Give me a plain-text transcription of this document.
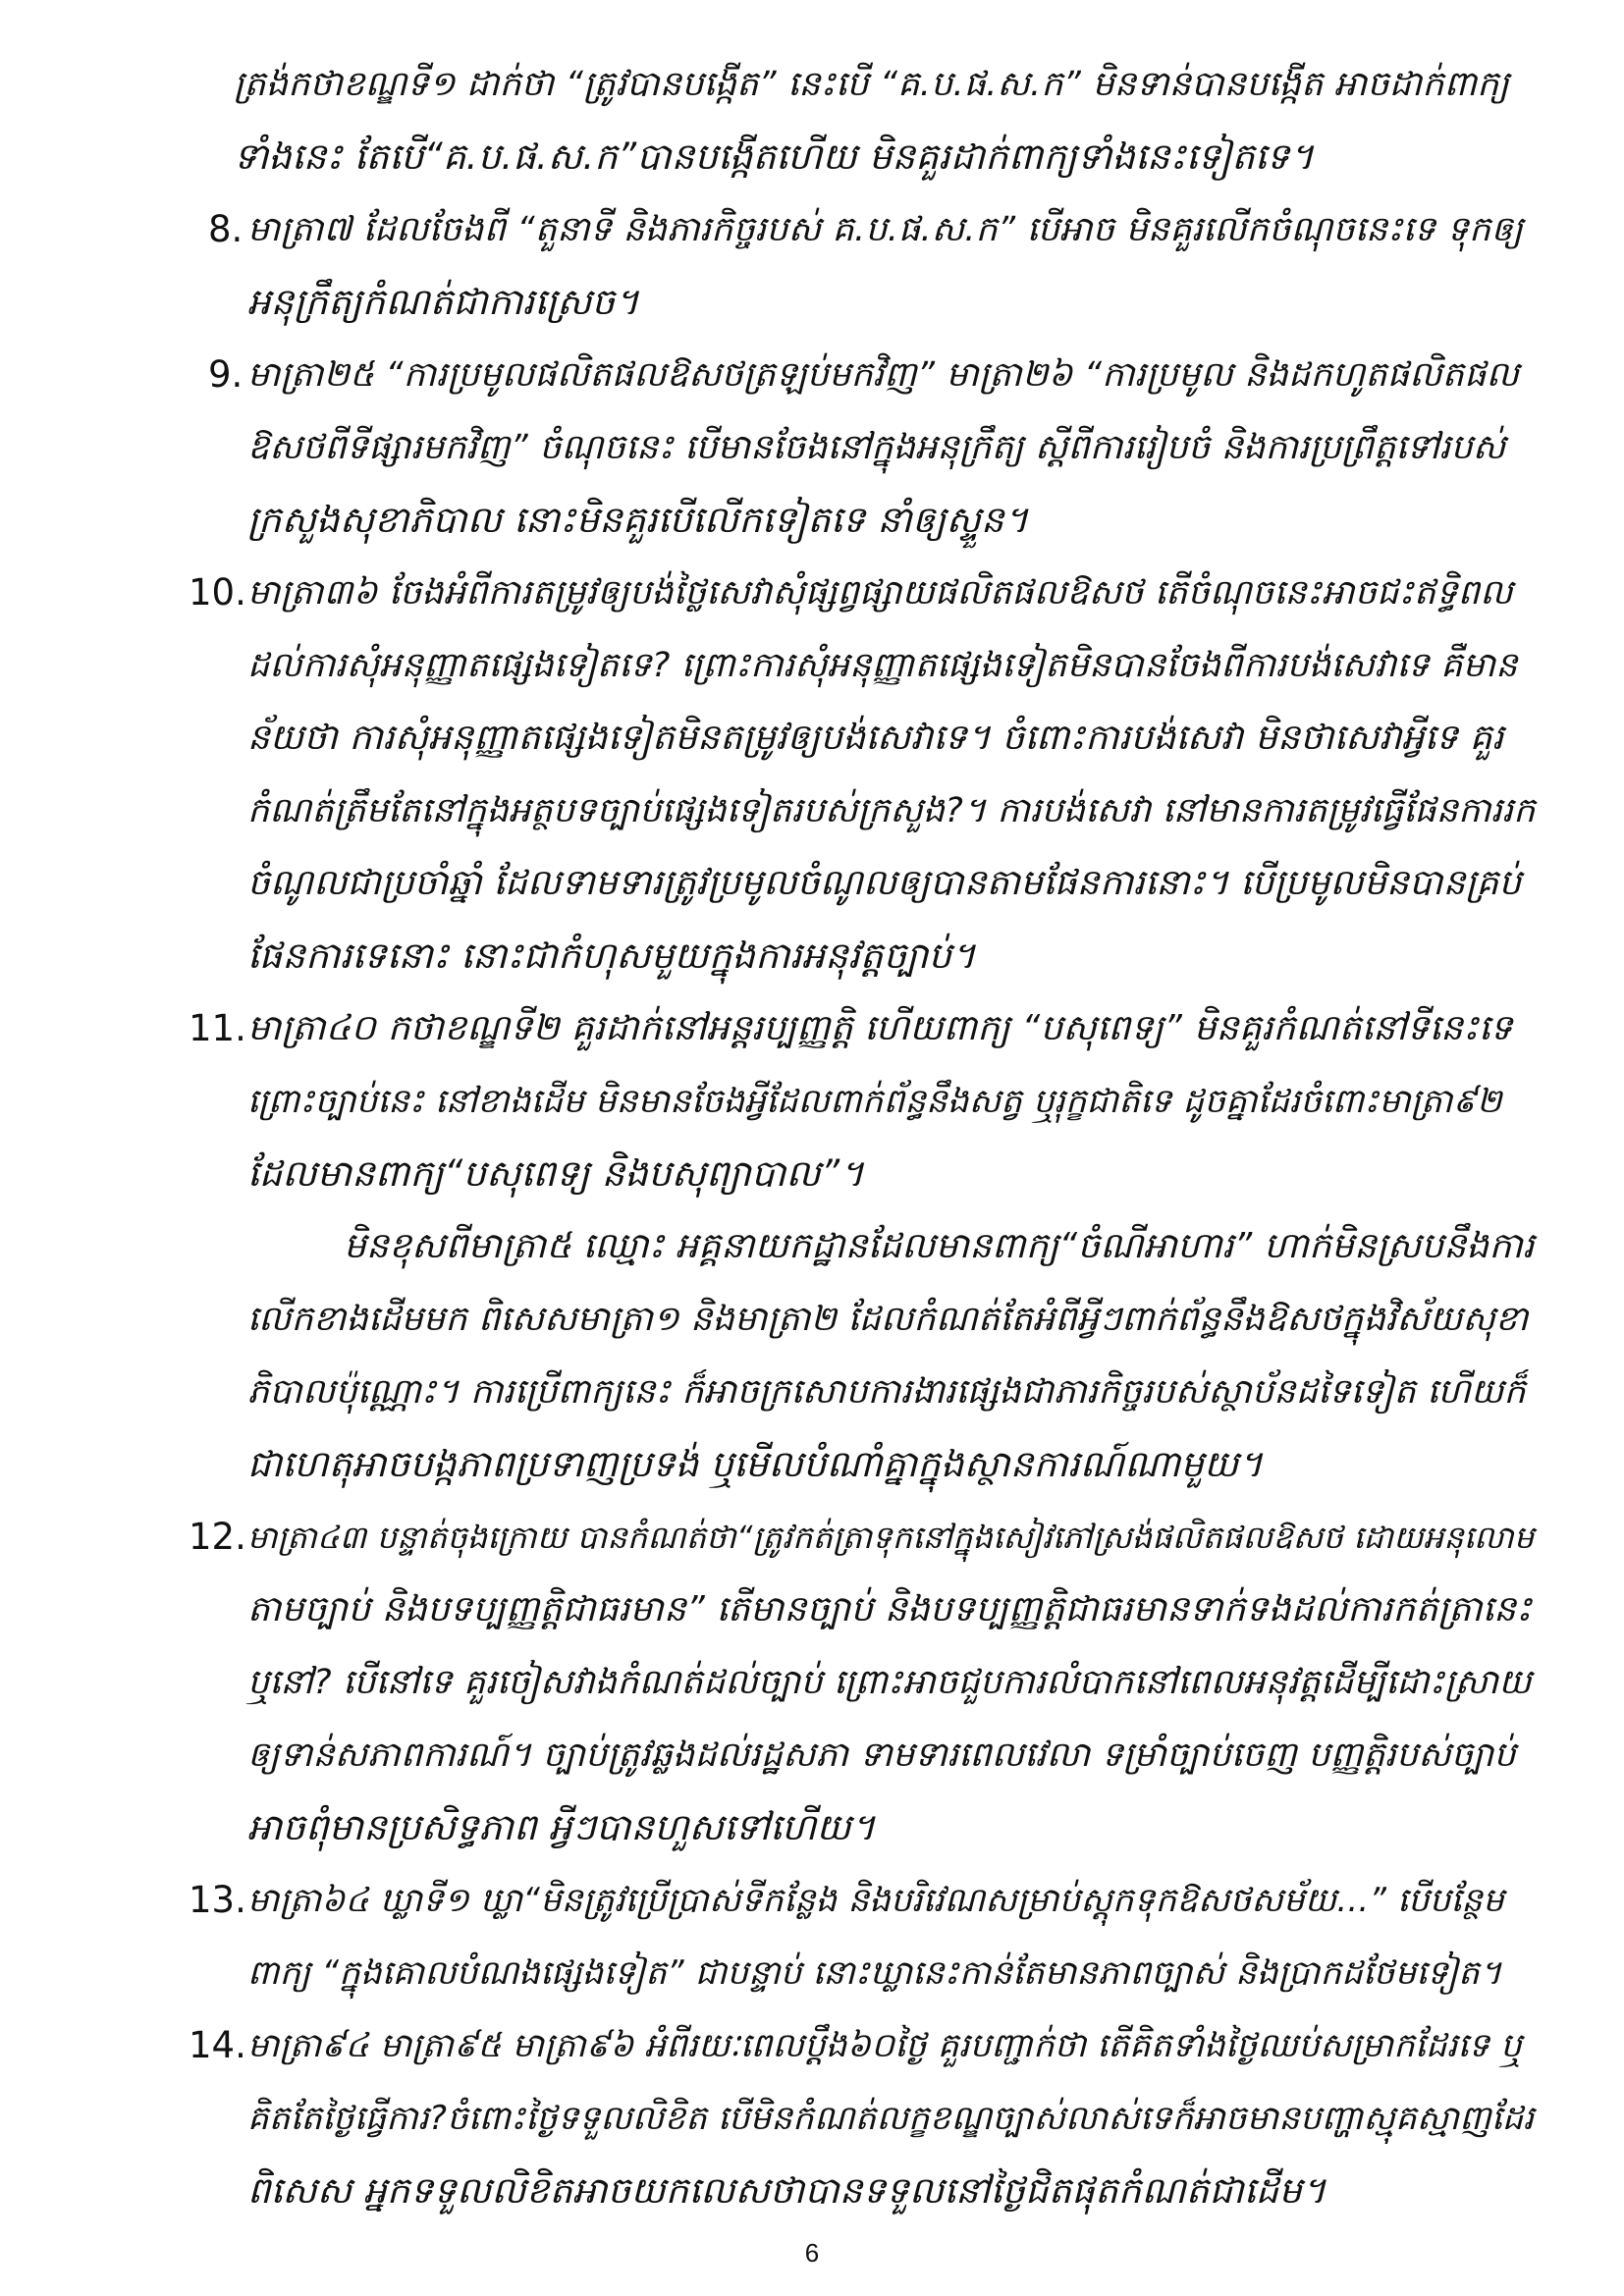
6
ត្រង់កថាខណ្ឌទី១ ដាក់ថា “ត្រូវបានបង្កើត” នេះបើ “គ.ប.ផ.ស.ក” មិនទាន់បានបង្កើត អាចដាក់ពាក្យ
ទាំងនេះ តែបើ“គ.ប.ផ.ស.ក”បានបង្កើតហើយ មិនគួរដាក់ពាក្យទាំងនេះទៀតទេ។
8. មាត្រា៧ ដែលចែងពី “តួនាទី និងភារកិច្ចរបស់ គ.ប.ផ.ស.ក” បើអាច មិនគួរលើកចំណុចនេះទេ ទុកឲ្យ
អនុក្រឹត្យកំណត់ជាការស្រេច។
9. មាត្រា២៥ “ការប្រមូលផលិតផលឱសថត្រឡប់មកវិញ” មាត្រា២៦ “ការប្រមូល និងដកហូតផលិតផល
ឱសថពីទីផ្សារមកវិញ” ចំណុចនេះ បើមានចែងនៅក្នុងអនុក្រឹត្យ ស្ដីពីការរៀបចំ និងការប្រព្រឹត្តទៅរបស់
ក្រសួងសុខាភិបាល នោះមិនគួរបើលើកទៀតទេ នាំឲ្យស្ទួន។
10. មាត្រា៣៦ ចែងអំពីការតម្រូវឲ្យបង់ថ្លៃសេវាសុំផ្សព្វផ្សាយផលិតផលឱសថ តើចំណុចនេះអាចជះឥទ្ធិពល
ដល់ការសុំអនុញ្ញាតផ្សេងទៀតទេ? ព្រោះការសុំអនុញ្ញាតផ្សេងទៀតមិនបានចែងពីការបង់សេវាទេ គឺមាន
ន័យថា ការសុំអនុញ្ញាតផ្សេងទៀតមិនតម្រូវឲ្យបង់សេវាទេ។ ចំពោះការបង់សេវា មិនថាសេវាអ្វីទេ គួរ
កំណត់ត្រឹមតែនៅក្នុងអត្ថបទច្បាប់ផ្សេងទៀតរបស់ក្រសួង?។ ការបង់សេវា នៅមានការតម្រូវធ្វើផែនការរក
ចំណូលជាប្រចាំឆ្នាំ ដែលទាមទារត្រូវប្រមូលចំណូលឲ្យបានតាមផែនការនោះ។ បើប្រមូលមិនបានគ្រប់
ផែនការទេនោះ នោះជាកំហុសមួយក្នុងការអនុវត្តច្បាប់។
11. មាត្រា៤០ កថាខណ្ឌទី២ គួរដាក់នៅអន្តរប្បញ្ញត្តិ ហើយពាក្យ “បសុពេទ្យ” មិនគួរកំណត់នៅទីនេះទេ
ព្រោះច្បាប់នេះ នៅខាងដើម មិនមានចែងអ្វីដែលពាក់ព័ន្ធនឹងសត្វ ឬរុក្ខជាតិទេ ដូចគ្នាដែរចំពោះមាត្រា៩២
ដែលមានពាក្យ“បសុពេទ្យ និងបសុព្យាបាល”។
មិនខុសពីមាត្រា៥ ឈ្មោះ អគ្គនាយកដ្ឋានដែលមានពាក្យ“ចំណីអាហារ” ហាក់មិនស្របនឹងការ
លើកខាងដើមមក ពិសេសមាត្រា១ និងមាត្រា២ ដែលកំណត់តែអំពីអ្វីៗពាក់ព័ន្ធនឹងឱសថក្នុងវិស័យសុខា
ភិបាលប៉ុណ្ណោះ។ ការប្រើពាក្យនេះ ក៏អាចក្រសោបការងារផ្សេងជាភារកិច្ចរបស់ស្ថាប័នដទៃទៀត ហើយក៏
ជាហេតុអាចបង្កភាពប្រទាញប្រទង់ ឬមើលបំណាំគ្នាក្នុងស្ថានការណ៍ណាមួយ។
12. មាត្រា៤៣ បន្ទាត់ចុងក្រោយ បានកំណត់ថា“ត្រូវកត់ត្រាទុកនៅក្នុងសៀវភៅស្រង់ផលិតផលឱសថ ដោយអនុលោម
តាមច្បាប់ និងបទប្បញ្ញត្តិជាធរមាន” តើមានច្បាប់ និងបទប្បញ្ញត្តិជាធរមានទាក់ទងដល់ការកត់ត្រានេះ
ឬនៅ? បើនៅទេ គួរចៀសវាងកំណត់ដល់ច្បាប់ ព្រោះអាចជួបការលំបាកនៅពេលអនុវត្តដើម្បីដោះស្រាយ
ឲ្យទាន់សភាពការណ៍។ ច្បាប់ត្រូវឆ្លងដល់រដ្ឋសភា ទាមទារពេលវេលា ទម្រាំច្បាប់ចេញ បញ្ញត្តិរបស់ច្បាប់
អាចពុំមានប្រសិទ្ធភាព អ្វីៗបានហួសទៅហើយ។
13. មាត្រា៦៤ ឃ្លាទី១ ឃ្លា“មិនត្រូវប្រើប្រាស់ទីកន្លែង និងបរិវេណសម្រាប់ស្តុកទុកឱសថសម័យ...” បើបន្ថែម
ពាក្យ “ក្នុងគោលបំណងផ្សេងទៀត” ជាបន្ទាប់ នោះឃ្លានេះកាន់តែមានភាពច្បាស់ និងប្រាកដថែមទៀត។
14. មាត្រា៩៤ មាត្រា៩៥ មាត្រា៩៦ អំពីរយៈពេលប្ដឹង៦០ថ្ងៃ គួរបញ្ជាក់ថា តើគិតទាំងថ្ងៃឈប់សម្រាកដែរទេ ឬ
គិតតែថ្ងៃធ្វើការ?ចំពោះថ្ងៃទទួលលិខិត បើមិនកំណត់លក្ខខណ្ឌច្បាស់លាស់ទេក៏អាចមានបញ្ហាស្មុគស្មាញដែរ
ពិសេស អ្នកទទួលលិខិតអាចយកលេសថាបានទទួលនៅថ្ងៃជិតផុតកំណត់ជាដើម។
